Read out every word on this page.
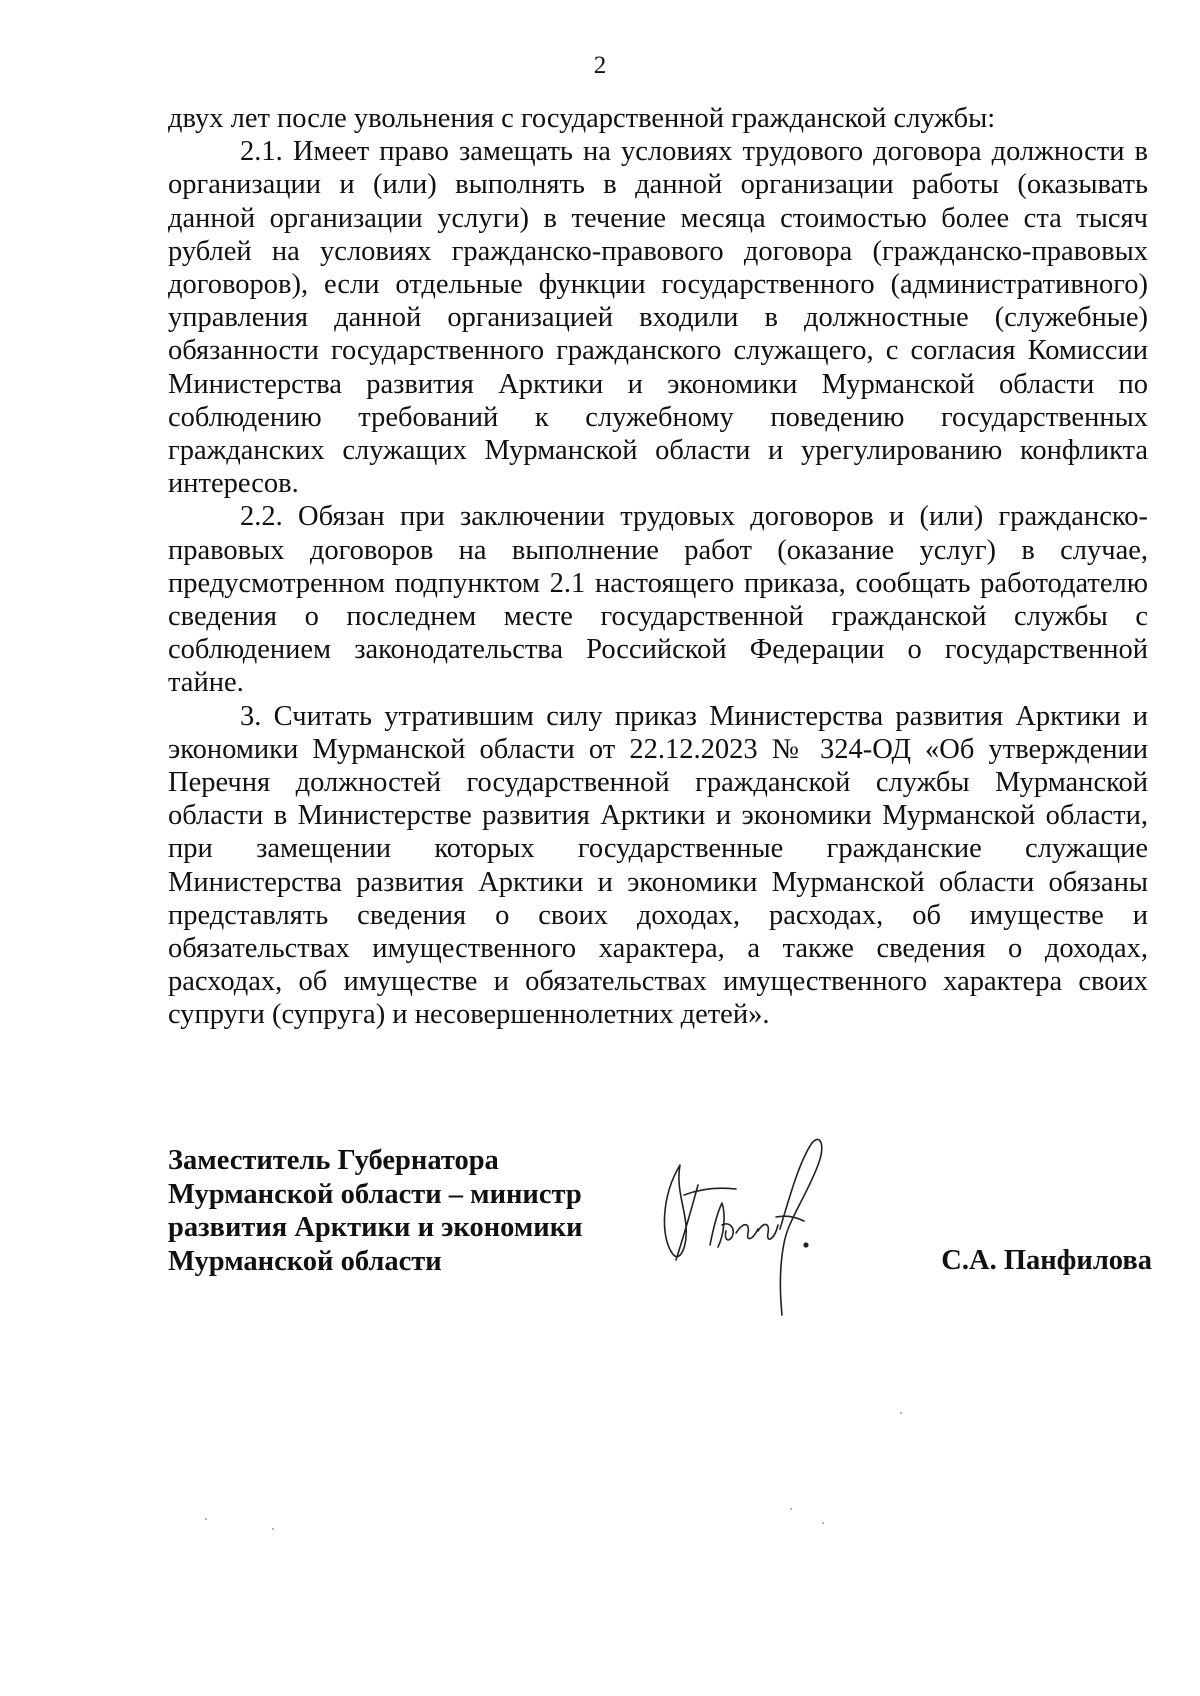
2

двух лет после увольнения с государственной гражданской службы:

2.1. Имеет право замещать на условиях трудового договора должности в организации и (или) выполнять в данной организации работы (оказывать данной организации услуги) в течение месяца стоимостью более ста тысяч рублей на условиях гражданско-правового договора (гражданско-правовых договоров), если отдельные функции государственного (административного) управления данной организацией входили в должностные (служебные) обязанности государственного гражданского служащего, с согласия Комиссии Министерства развития Арктики и экономики Мурманской области по соблюдению требований к служебному поведению государственных гражданских служащих Мурманской области и урегулированию конфликта интересов.

2.2. Обязан при заключении трудовых договоров и (или) гражданско-правовых договоров на выполнение работ (оказание услуг) в случае, предусмотренном подпунктом 2.1 настоящего приказа, сообщать работодателю сведения о последнем месте государственной гражданской службы с соблюдением законодательства Российской Федерации о государственной тайне.

3. Считать утратившим силу приказ Министерства развития Арктики и экономики Мурманской области от 22.12.2023 № 324-ОД «Об утверждении Перечня должностей государственной гражданской службы Мурманской области в Министерстве развития Арктики и экономики Мурманской области, при замещении которых государственные гражданские служащие Министерства развития Арктики и экономики Мурманской области обязаны представлять сведения о своих доходах, расходах, об имуществе и обязательствах имущественного характера, а также сведения о доходах, расходах, об имуществе и обязательствах имущественного характера своих супруги (супруга) и несовершеннолетних детей».

Заместитель Губернатора
Мурманской области – министр
развития Арктики и экономики
Мурманской области	С.А. Панфилова
